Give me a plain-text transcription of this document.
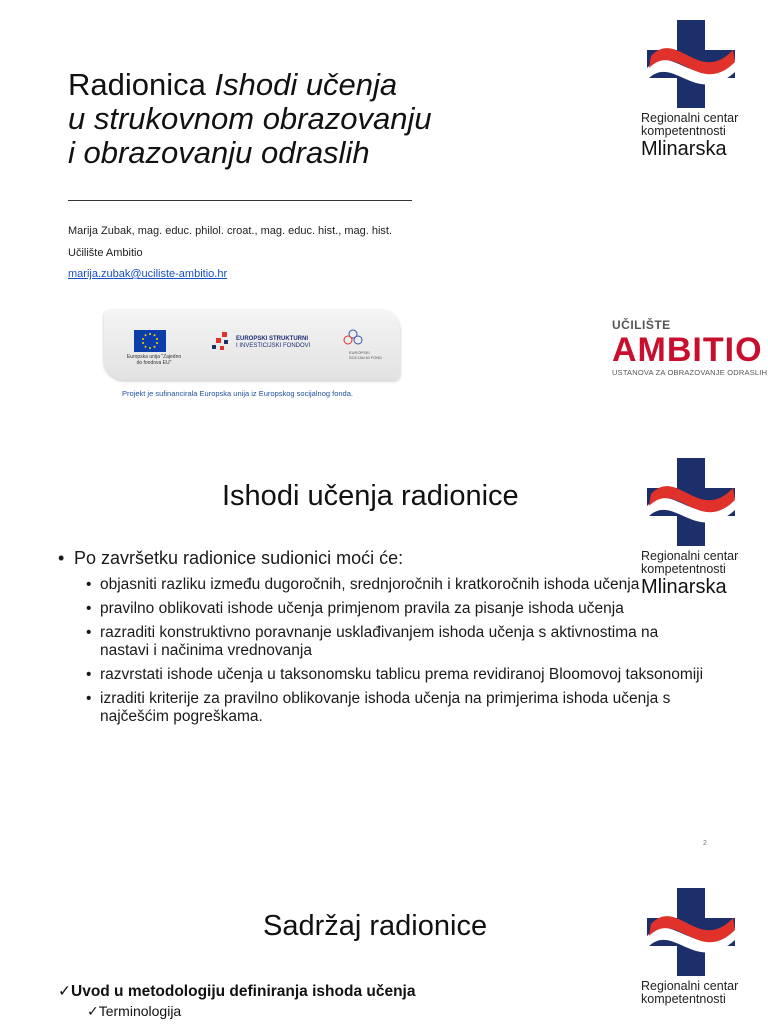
Radionica Ishodi učenja
u strukovnom obrazovanju
i obrazovanju odraslih
Regionalni centar
kompetentnosti
Mlinarska
Marija Zubak, mag. educ. philol. croat., mag. educ. hist., mag. hist.
Učilište Ambitio
marija.zubak@uciliste-ambitio.hr
Europska unija "Zajedno do fondova EU"
EUROPSKI STRUKTURNI
I INVESTICIJSKI FONDOVI
EUROPSKI SOCIJALNI FOND
Projekt je sufinancirala Europska unija iz Europskog socijalnog fonda.
UČILIŠTE
AMBITIO
USTANOVA ZA OBRAZOVANJE ODRASLIH
Ishodi učenja radionice
Regionalni centar
kompetentnosti
Mlinarska
• Po završetku radionice sudionici moći će:
• objasniti razliku između dugoročnih, srednjoročnih i kratkoročnih ishoda učenja
• pravilno oblikovati ishode učenja primjenom pravila za pisanje ishoda učenja
• razraditi konstruktivno poravnanje usklađivanjem ishoda učenja s aktivnostima na nastavi i načinima vrednovanja
• razvrstati ishode učenja u taksonomsku tablicu prema revidiranoj Bloomovoj taksonomiji
• izraditi kriterije za pravilno oblikovanje ishoda učenja na primjerima ishoda učenja s najčešćim pogreškama.
2
Sadržaj radionice
Regionalni centar
kompetentnosti
✓Uvod u metodologiju definiranja ishoda učenja
✓Terminologija
